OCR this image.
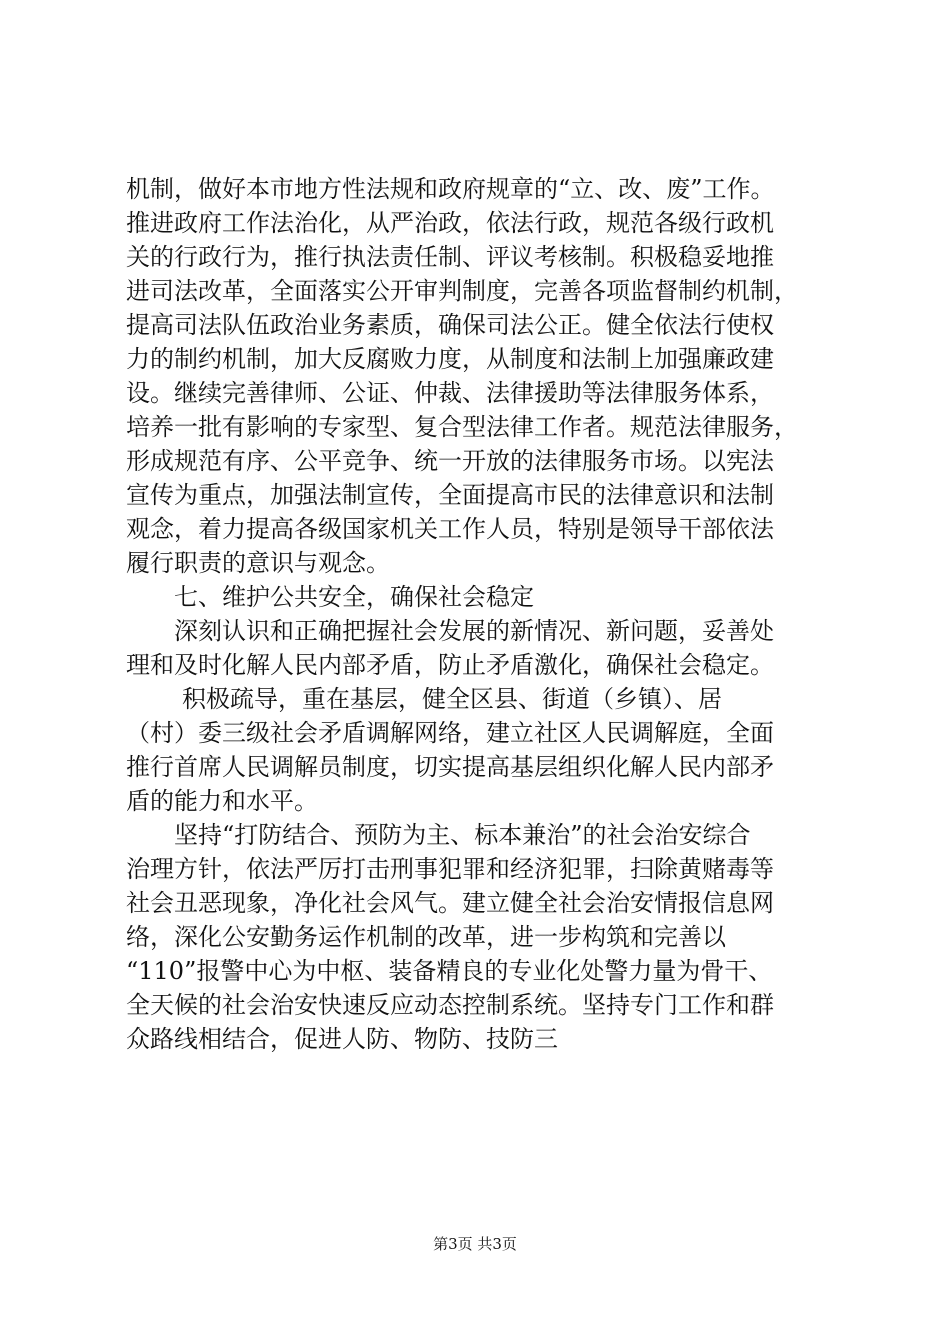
机制，做好本市地方性法规和政府规章的“立、改、废”工作。
推进政府工作法治化，从严治政，依法行政，规范各级行政机
关的行政行为，推行执法责任制、评议考核制。积极稳妥地推
进司法改革，全面落实公开审判制度，完善各项监督制约机制，
提高司法队伍政治业务素质，确保司法公正。健全依法行使权
力的制约机制，加大反腐败力度，从制度和法制上加强廉政建
设。继续完善律师、公证、仲裁、法律援助等法律服务体系，
培养一批有影响的专家型、复合型法律工作者。规范法律服务，
形成规范有序、公平竞争、统一开放的法律服务市场。以宪法
宣传为重点，加强法制宣传，全面提高市民的法律意识和法制
观念，着力提高各级国家机关工作人员，特别是领导干部依法
履行职责的意识与观念。
七、维护公共安全，确保社会稳定
深刻认识和正确把握社会发展的新情况、新问题，妥善处
理和及时化解人民内部矛盾，防止矛盾激化，确保社会稳定。
积极疏导，重在基层，健全区县、街道（乡镇）、居
（村）委三级社会矛盾调解网络，建立社区人民调解庭，全面
推行首席人民调解员制度，切实提高基层组织化解人民内部矛
盾的能力和水平。
坚持“打防结合、预防为主、标本兼治”的社会治安综合
治理方针，依法严厉打击刑事犯罪和经济犯罪，扫除黄赌毒等
社会丑恶现象，净化社会风气。建立健全社会治安情报信息网
络，深化公安勤务运作机制的改革，进一步构筑和完善以
“110”报警中心为中枢、装备精良的专业化处警力量为骨干、
全天候的社会治安快速反应动态控制系统。坚持专门工作和群
众路线相结合，促进人防、物防、技防三
第3页 共3页
